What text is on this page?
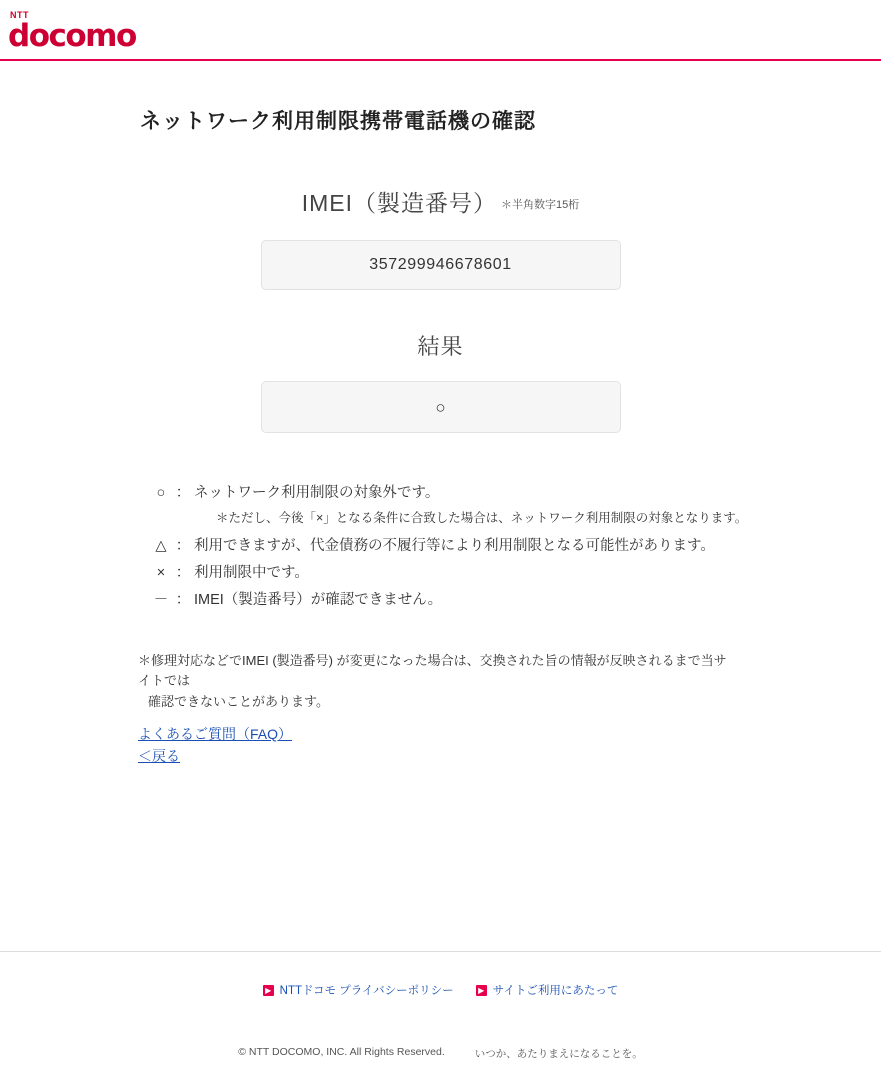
NTT
docomo
ネットワーク利用制限携帯電話機の確認
IMEI（製造番号） ＊半角数字15桁
357299946678601
結果
○
○ ： ネットワーク利用制限の対象外です。
＊ただし、今後「×」となる条件に合致した場合は、ネットワーク利用制限の対象となります。
△ ： 利用できますが、代金債務の不履行等により利用制限となる可能性があります。
× ： 利用制限中です。
－ ： IMEI（製造番号）が確認できません。
＊修理対応などでIMEI (製造番号) が変更になった場合は、交換された旨の情報が反映されるまで当サイトでは
確認できないことがあります。
よくあるご質問（FAQ）
＜戻る
▶ NTTドコモ プライバシーポリシー	▶ サイトご利用にあたって
© NTT DOCOMO, INC. All Rights Reserved.	いつか、あたりまえになることを。
